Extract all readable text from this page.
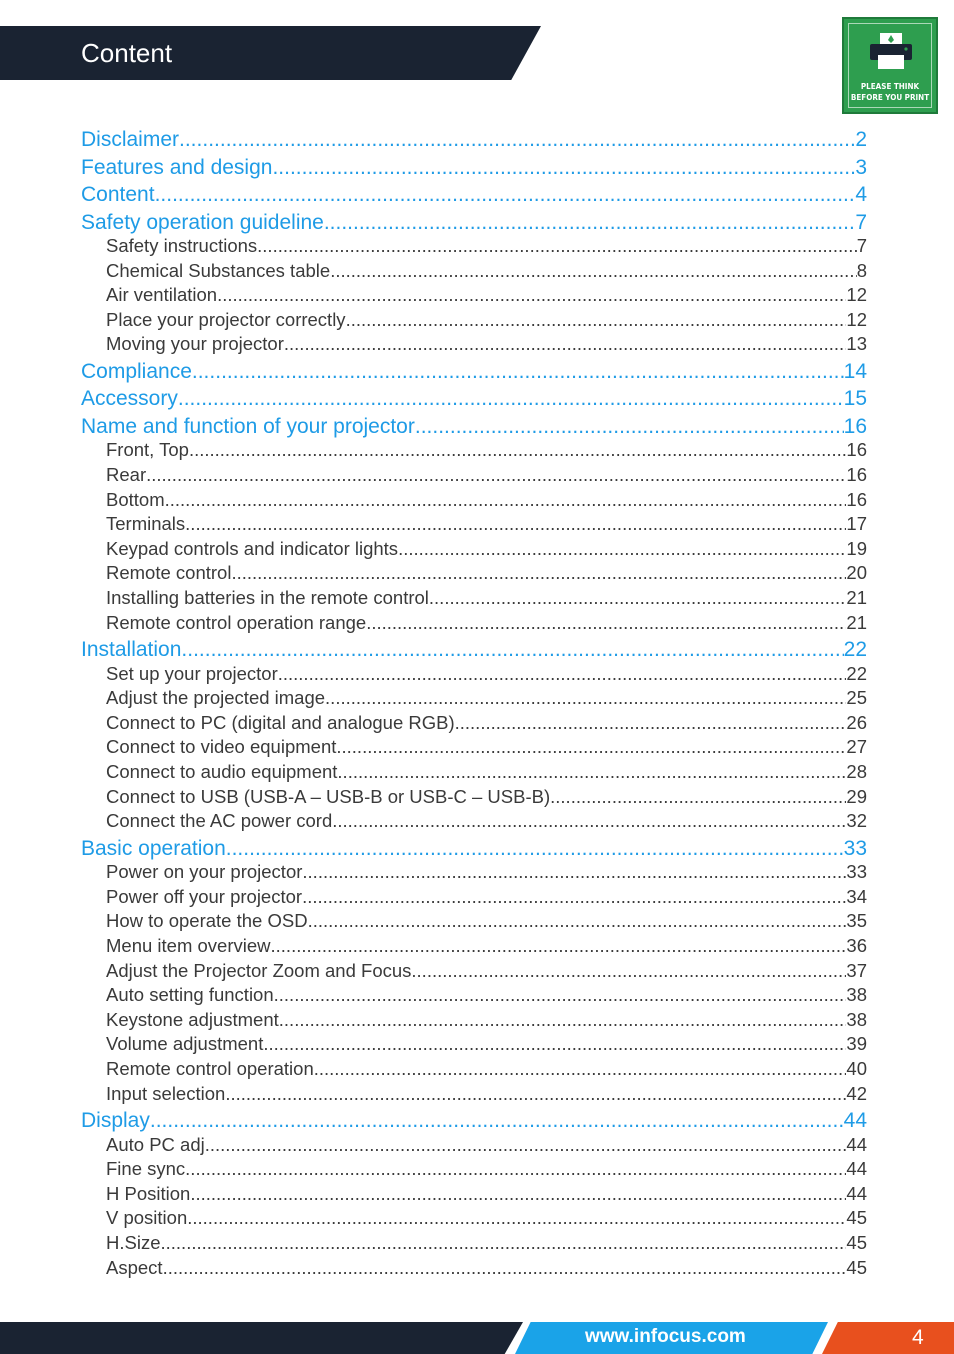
Content
PLEASE THINK
BEFORE YOU PRINT
Disclaimer .....	2
Features and design .....	3
Content .....	4
Safety operation guideline .....	7
Safety instructions .....	7
Chemical Substances table .....	8
Air ventilation .....	12
Place your projector correctly .....	12
Moving your projector .....	13
Compliance .....	14
Accessory .....	15
Name and function of your projector .....	16
Front, Top .....	16
Rear .....	16
Bottom .....	16
Terminals .....	17
Keypad controls and indicator lights .....	19
Remote control .....	20
Installing batteries in the remote control .....	21
Remote control operation range .....	21
Installation .....	22
Set up your projector .....	22
Adjust the projected image .....	25
Connect to PC (digital and analogue RGB) .....	26
Connect to video equipment .....	27
Connect to audio equipment .....	28
Connect to USB (USB-A – USB-B or USB-C – USB-B) .....	29
Connect the AC power cord .....	32
Basic operation .....	33
Power on your projector .....	33
Power off your projector .....	34
How to operate the OSD .....	35
Menu item overview .....	36
Adjust the Projector Zoom and Focus .....	37
Auto setting function .....	38
Keystone adjustment .....	38
Volume adjustment .....	39
Remote control operation .....	40
Input selection .....	42
Display .....	44
Auto PC adj. .....	44
Fine sync .....	44
H Position .....	44
V position .....	45
H.Size .....	45
Aspect .....	45
www.infocus.com	4
